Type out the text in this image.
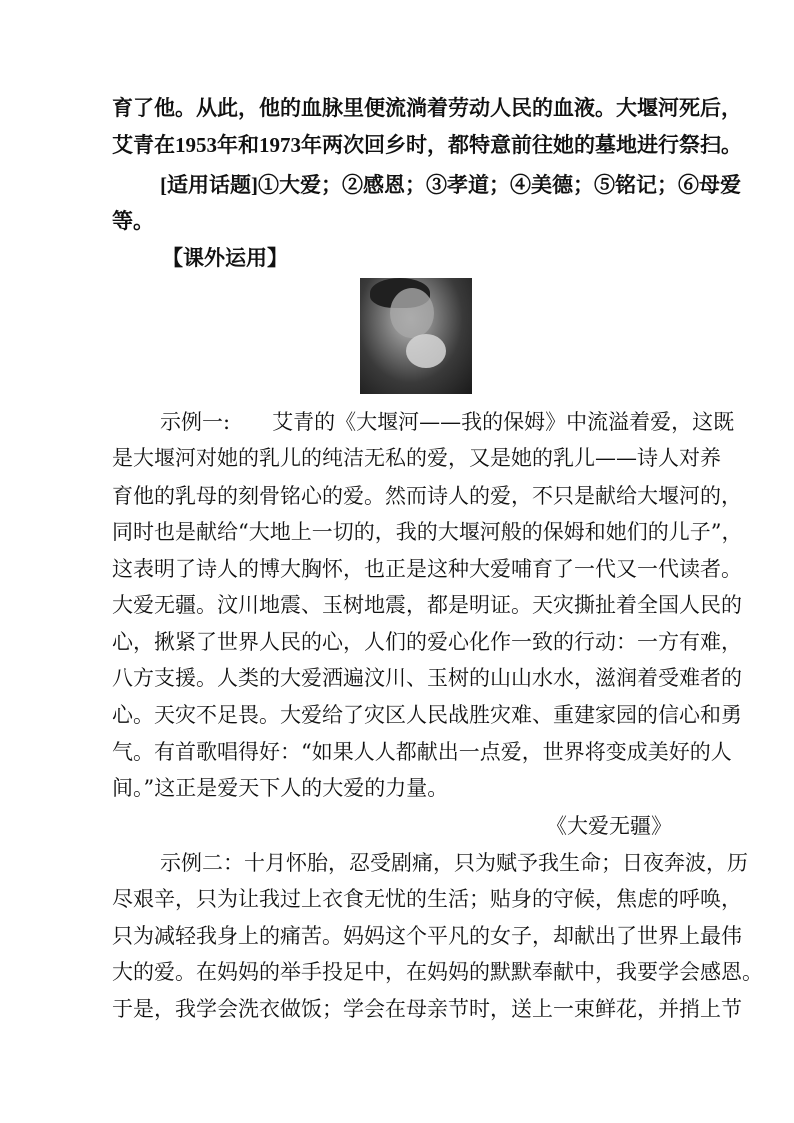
育了他。从此，他的血脉里便流淌着劳动人民的血液。大堰河死后，
艾青在1953年和1973年两次回乡时，都特意前往她的墓地进行祭扫。
[适用话题]①大爱；②感恩；③孝道；④美德；⑤铭记；⑥母爱
等。
【课外运用】
示例一:　　艾青的《大堰河——我的保姆》中流溢着爱，这既
是大堰河对她的乳儿的纯洁无私的爱，又是她的乳儿——诗人对养
育他的乳母的刻骨铭心的爱。然而诗人的爱，不只是献给大堰河的，
同时也是献给“大地上一切的，我的大堰河般的保姆和她们的儿子”，
这表明了诗人的博大胸怀，也正是这种大爱哺育了一代又一代读者。
大爱无疆。汶川地震、玉树地震，都是明证。天灾撕扯着全国人民的
心，揪紧了世界人民的心，人们的爱心化作一致的行动：一方有难，
八方支援。人类的大爱洒遍汶川、玉树的山山水水，滋润着受难者的
心。天灾不足畏。大爱给了灾区人民战胜灾难、重建家园的信心和勇
气。有首歌唱得好：“如果人人都献出一点爱，世界将变成美好的人
间。”这正是爱天下人的大爱的力量。
《大爱无疆》
示例二：十月怀胎，忍受剧痛，只为赋予我生命；日夜奔波，历
尽艰辛，只为让我过上衣食无忧的生活；贴身的守候，焦虑的呼唤，
只为减轻我身上的痛苦。妈妈这个平凡的女子，却献出了世界上最伟
大的爱。在妈妈的举手投足中，在妈妈的默默奉献中，我要学会感恩。
于是，我学会洗衣做饭；学会在母亲节时，送上一束鲜花，并捎上节
